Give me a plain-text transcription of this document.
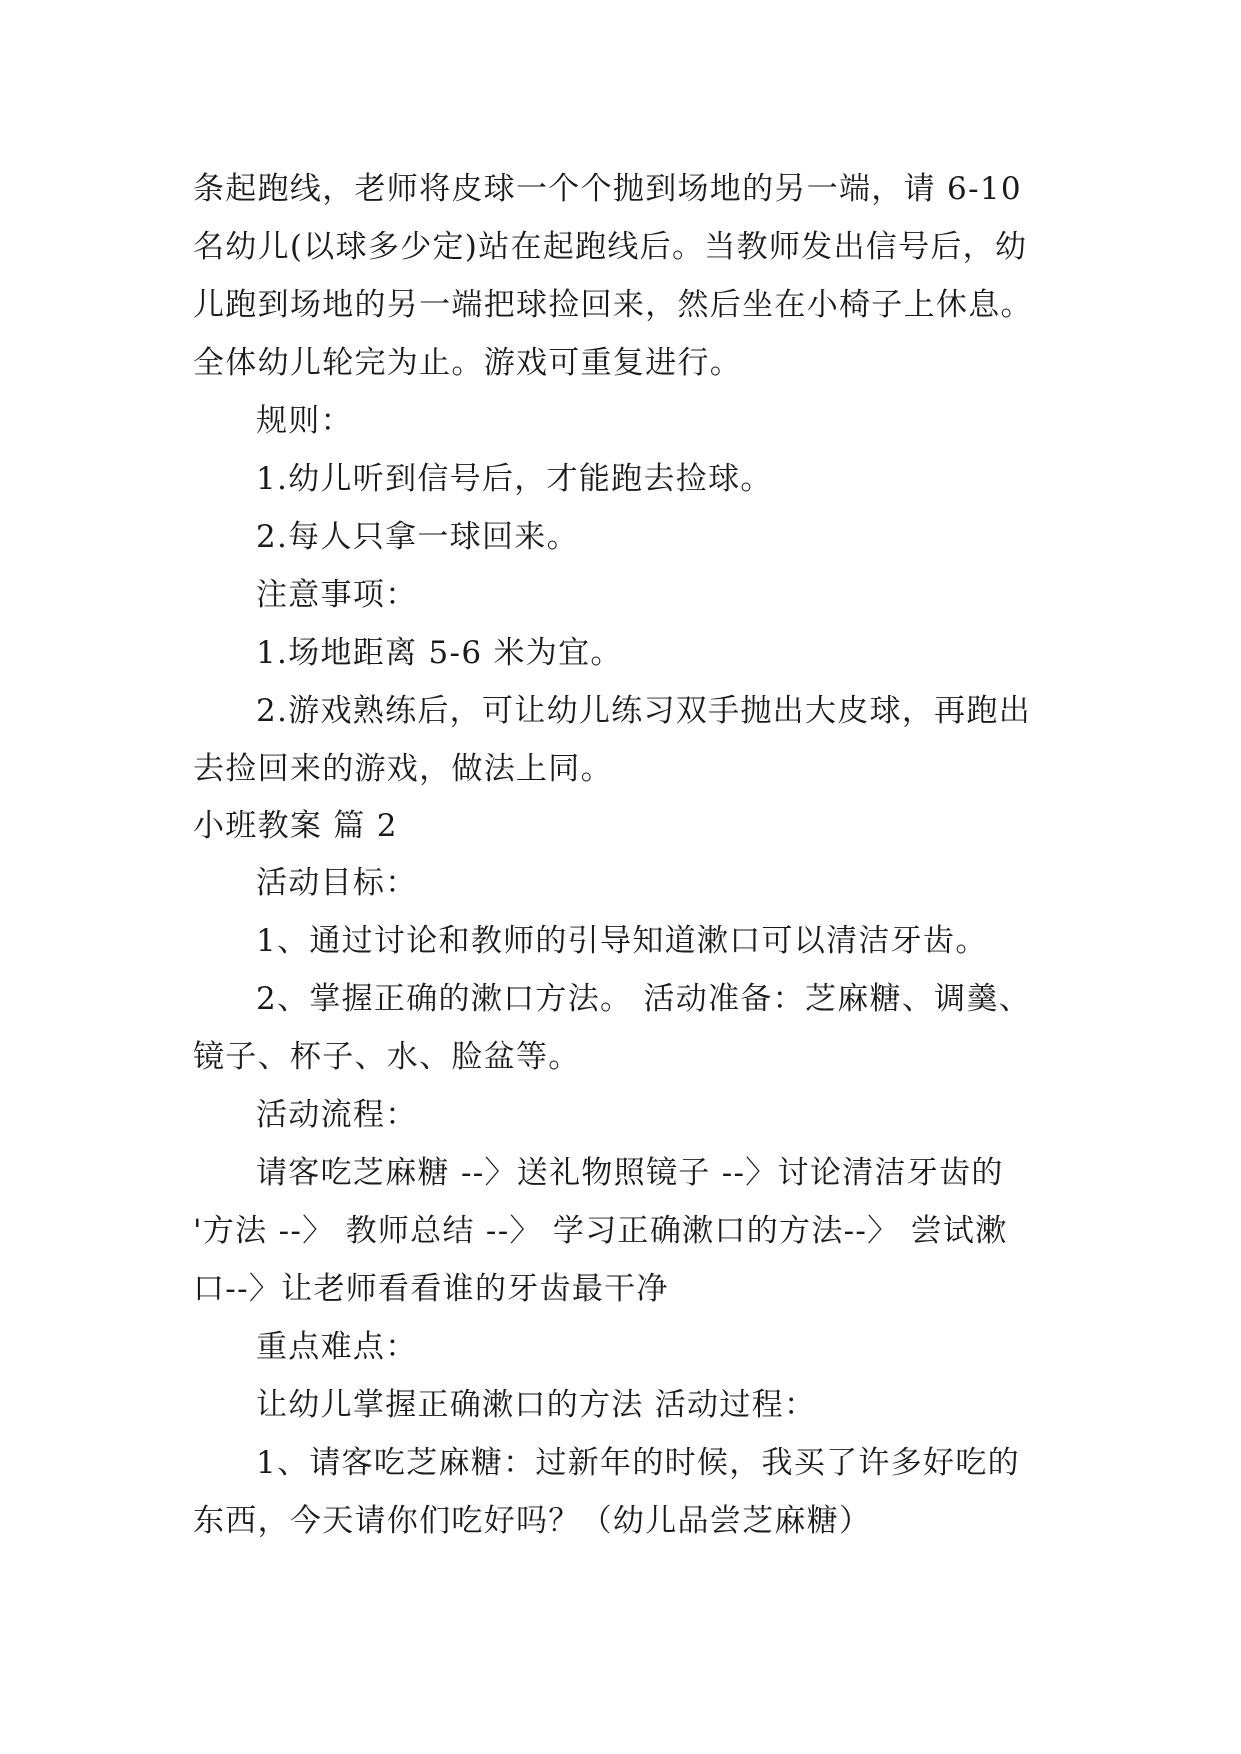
条起跑线，老师将皮球一个个抛到场地的另一端，请 6-10
名幼儿(以球多少定)站在起跑线后。当教师发出信号后，幼
儿跑到场地的另一端把球捡回来，然后坐在小椅子上休息。
全体幼儿轮完为止。游戏可重复进行。
规则：
1.幼儿听到信号后，才能跑去捡球。
2.每人只拿一球回来。
注意事项：
1.场地距离 5-6 米为宜。
2.游戏熟练后，可让幼儿练习双手抛出大皮球，再跑出
去捡回来的游戏，做法上同。
小班教案 篇 2
活动目标：
1、通过讨论和教师的引导知道漱口可以清洁牙齿。
2、掌握正确的漱口方法。 活动准备：芝麻糖、调羹、
镜子、杯子、水、脸盆等。
活动流程：
请客吃芝麻糖 --〉送礼物照镜子 --〉讨论清洁牙齿的
'方法 --〉 教师总结 --〉 学习正确漱口的方法--〉 尝试漱
口--〉让老师看看谁的牙齿最干净
重点难点：
让幼儿掌握正确漱口的方法 活动过程：
1、请客吃芝麻糖：过新年的时候，我买了许多好吃的
东西，今天请你们吃好吗？（幼儿品尝芝麻糖）
